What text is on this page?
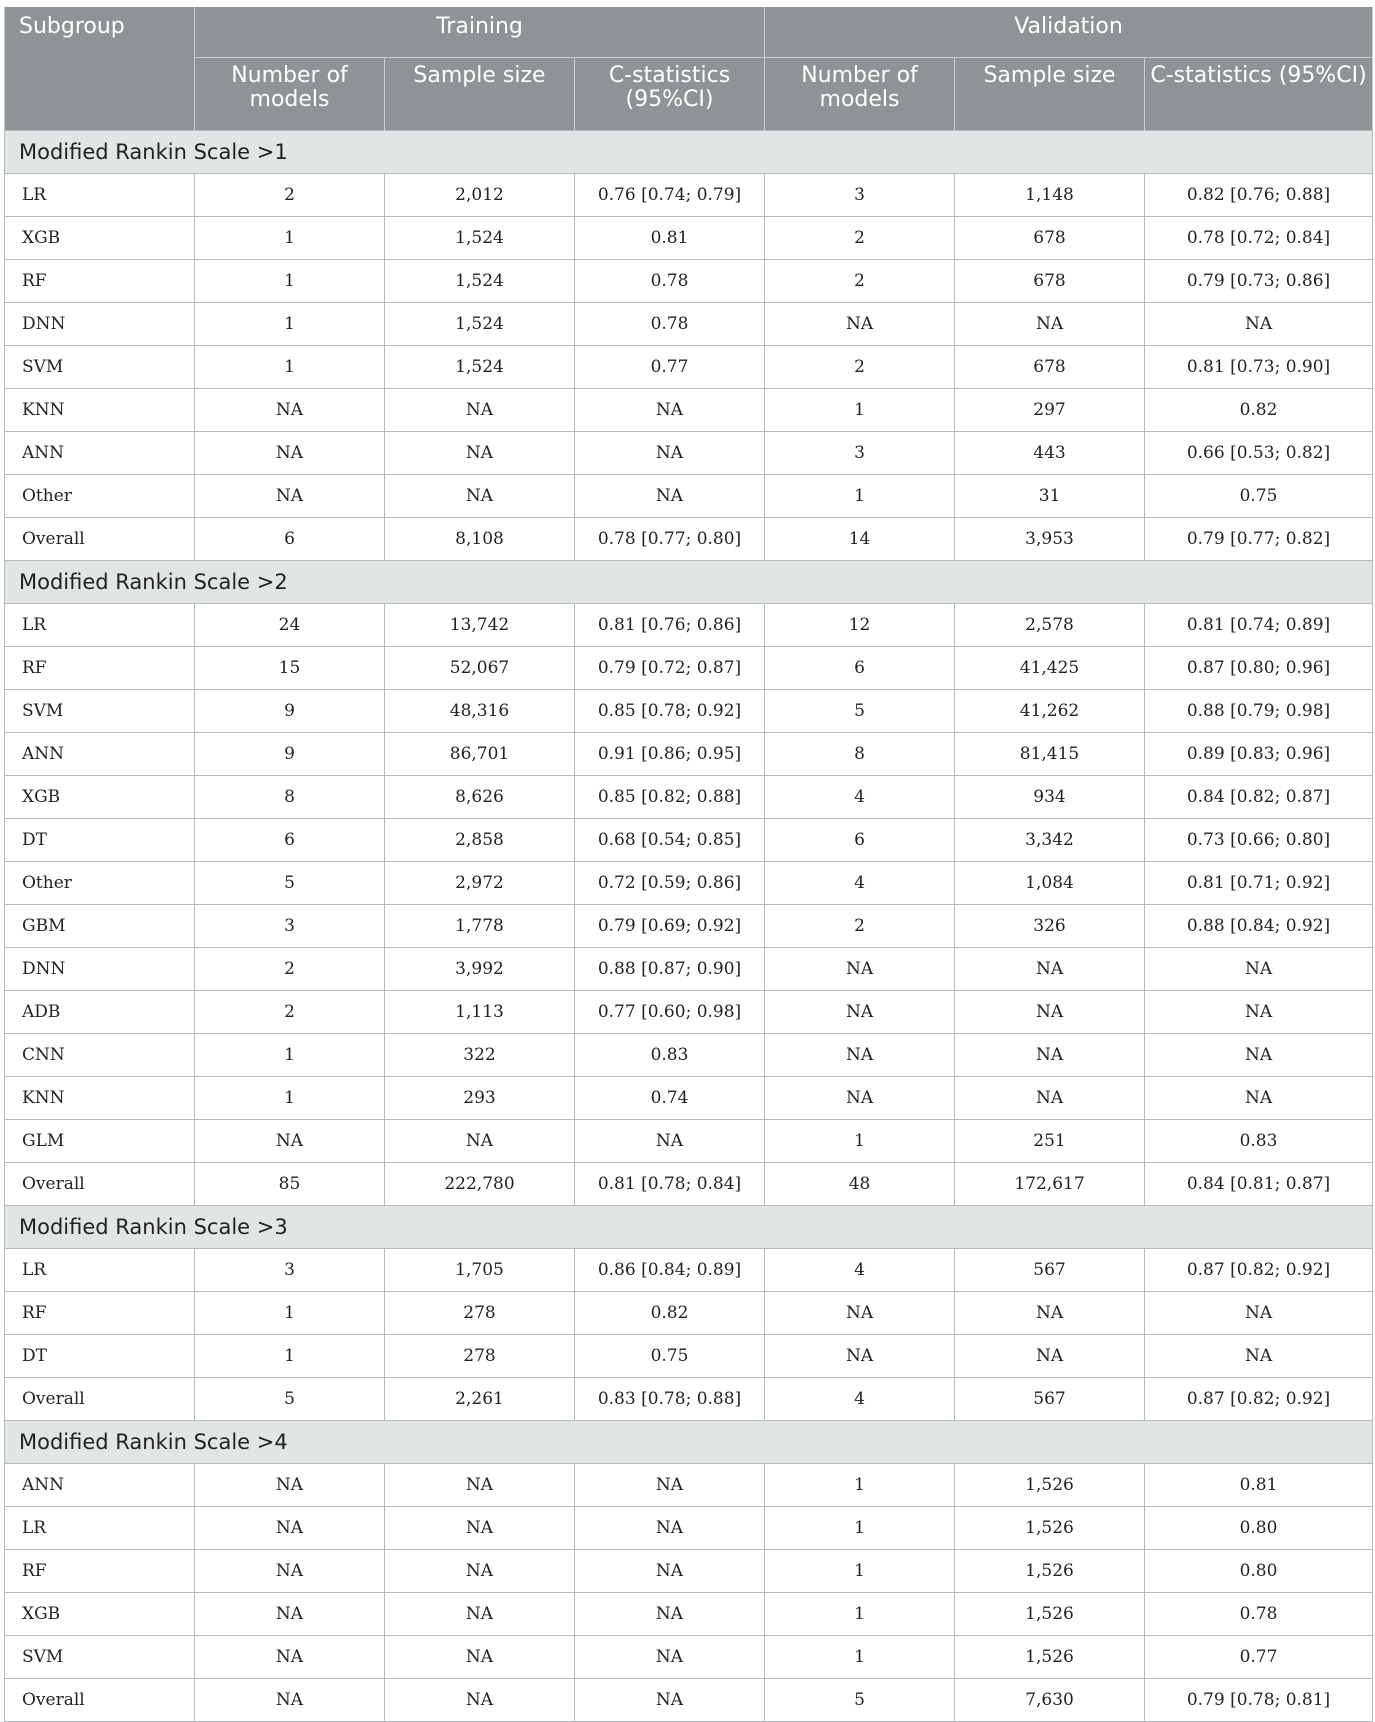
Subgroup	Training			Validation		
	Number of models	Sample size	C-statistics (95%CI)	Number of models	Sample size	C-statistics (95%CI)
Modified Rankin Scale >1						
LR	2	2,012	0.76 [0.74; 0.79]	3	1,148	0.82 [0.76; 0.88]
XGB	1	1,524	0.81	2	678	0.78 [0.72; 0.84]
RF	1	1,524	0.78	2	678	0.79 [0.73; 0.86]
DNN	1	1,524	0.78	NA	NA	NA
SVM	1	1,524	0.77	2	678	0.81 [0.73; 0.90]
KNN	NA	NA	NA	1	297	0.82
ANN	NA	NA	NA	3	443	0.66 [0.53; 0.82]
Other	NA	NA	NA	1	31	0.75
Overall	6	8,108	0.78 [0.77; 0.80]	14	3,953	0.79 [0.77; 0.82]
Modified Rankin Scale >2						
LR	24	13,742	0.81 [0.76; 0.86]	12	2,578	0.81 [0.74; 0.89]
RF	15	52,067	0.79 [0.72; 0.87]	6	41,425	0.87 [0.80; 0.96]
SVM	9	48,316	0.85 [0.78; 0.92]	5	41,262	0.88 [0.79; 0.98]
ANN	9	86,701	0.91 [0.86; 0.95]	8	81,415	0.89 [0.83; 0.96]
XGB	8	8,626	0.85 [0.82; 0.88]	4	934	0.84 [0.82; 0.87]
DT	6	2,858	0.68 [0.54; 0.85]	6	3,342	0.73 [0.66; 0.80]
Other	5	2,972	0.72 [0.59; 0.86]	4	1,084	0.81 [0.71; 0.92]
GBM	3	1,778	0.79 [0.69; 0.92]	2	326	0.88 [0.84; 0.92]
DNN	2	3,992	0.88 [0.87; 0.90]	NA	NA	NA
ADB	2	1,113	0.77 [0.60; 0.98]	NA	NA	NA
CNN	1	322	0.83	NA	NA	NA
KNN	1	293	0.74	NA	NA	NA
GLM	NA	NA	NA	1	251	0.83
Overall	85	222,780	0.81 [0.78; 0.84]	48	172,617	0.84 [0.81; 0.87]
Modified Rankin Scale >3						
LR	3	1,705	0.86 [0.84; 0.89]	4	567	0.87 [0.82; 0.92]
RF	1	278	0.82	NA	NA	NA
DT	1	278	0.75	NA	NA	NA
Overall	5	2,261	0.83 [0.78; 0.88]	4	567	0.87 [0.82; 0.92]
Modified Rankin Scale >4						
ANN	NA	NA	NA	1	1,526	0.81
LR	NA	NA	NA	1	1,526	0.80
RF	NA	NA	NA	1	1,526	0.80
XGB	NA	NA	NA	1	1,526	0.78
SVM	NA	NA	NA	1	1,526	0.77
Overall	NA	NA	NA	5	7,630	0.79 [0.78; 0.81]
